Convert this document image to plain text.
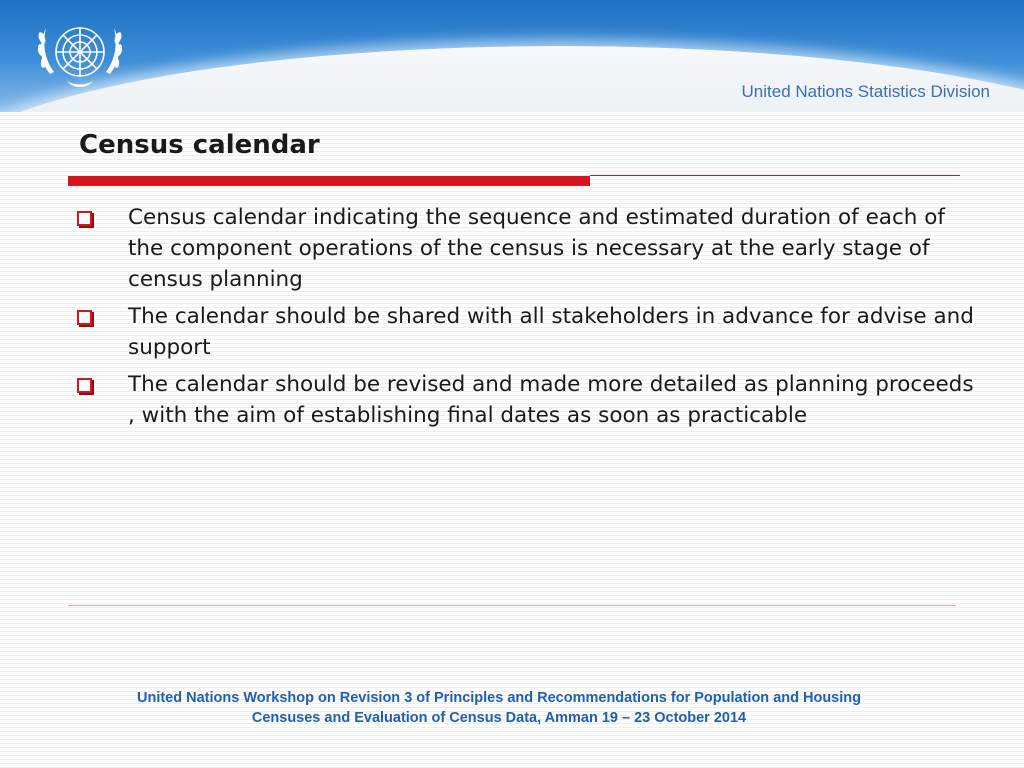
United Nations Statistics Division
Census calendar
Census calendar indicating the sequence and estimated duration of each of the component operations of the census is necessary at the early stage of census planning
The calendar should be shared with all stakeholders in advance for advise and support
The calendar should be revised and made more detailed as planning proceeds , with the aim of establishing final dates as soon as practicable
United Nations Workshop on Revision 3 of Principles and Recommendations for Population and Housing
Censuses and Evaluation of Census Data, Amman 19 – 23 October 2014
